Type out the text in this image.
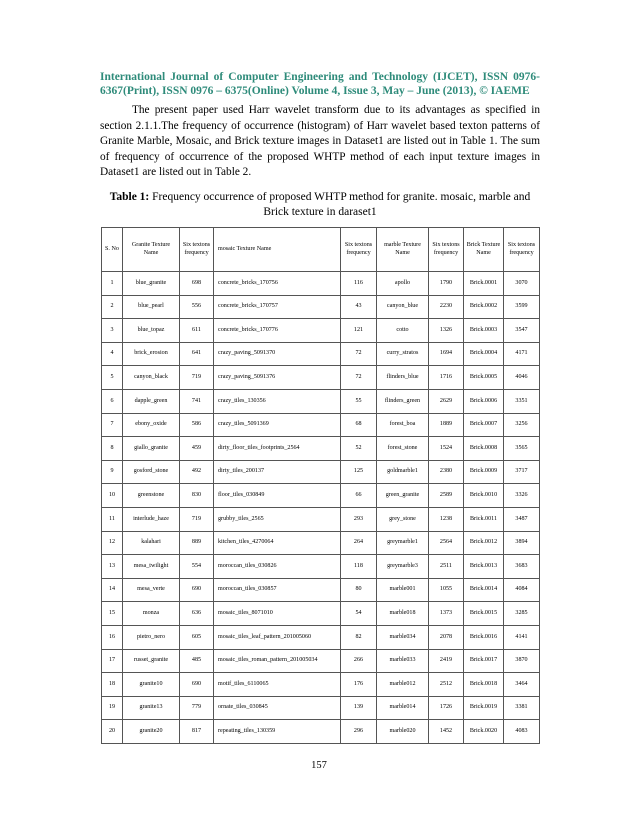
International Journal of Computer Engineering and Technology (IJCET), ISSN 0976-6367(Print), ISSN 0976 – 6375(Online) Volume 4, Issue 3, May – June (2013), © IAEME

The present paper used Harr wavelet transform due to its advantages as specified in section 2.1.1.The frequency of occurrence (histogram) of Harr wavelet based texton patterns of Granite Marble, Mosaic, and Brick texture images in Dataset1 are listed out in Table 1. The sum of frequency of occurrence of the proposed WHTP method of each input texture images in Dataset1 are listed out in Table 2.

Table 1: Frequency occurrence of proposed WHTP method for granite. mosaic, marble and Brick texture in daraset1
S. No	Granite Texture Name	Six textons frequency	mosaic Texture Name	Six textons frequency	marble Texture Name	Six textons frequency	Brick Texture Name	Six textons frequency
1	blue_granite	698	concrete_bricks_170756	116	apollo	1790	Brick.0001	3070
2	blue_pearl	556	concrete_bricks_170757	43	canyon_blue	2230	Brick.0002	3599
3	blue_topaz	611	concrete_bricks_170776	121	cotto	1326	Brick.0003	3547
4	brick_erosion	641	crazy_paving_5091370	72	curry_stratos	1694	Brick.0004	4171
5	canyon_black	719	crazy_paving_5091376	72	flinders_blue	1716	Brick.0005	4046
6	dapple_green	741	crazy_tiles_130356	55	flinders_green	2629	Brick.0006	3351
7	ebony_oxide	586	crazy_tiles_5091369	68	forest_boa	1889	Brick.0007	3256
8	giallo_granite	459	dirty_floor_tiles_footprints_2564	52	forest_stone	1524	Brick.0008	3565
9	gosford_stone	492	dirty_tiles_200137	125	goldmarble1	2380	Brick.0009	3717
10	greenstone	830	floor_tiles_030849	66	green_granite	2589	Brick.0010	3326
11	interlude_haze	719	grubby_tiles_2565	293	grey_stone	1238	Brick.0011	3487
12	kalahari	889	kitchen_tiles_4270064	264	greymarble1	2564	Brick.0012	3894
13	mesa_twilight	554	moroccan_tiles_030826	118	greymarble3	2511	Brick.0013	3683
14	mesa_verte	690	moroccan_tiles_030857	80	marble001	1055	Brick.0014	4084
15	monza	636	mosaic_tiles_8071010	54	marble018	1373	Brick.0015	3285
16	pietro_nero	605	mosaic_tiles_leaf_pattern_201005060	82	marble034	2078	Brick.0016	4141
17	russet_granite	485	mosaic_tiles_roman_pattern_201005034	266	marble033	2419	Brick.0017	3870
18	granite10	690	motif_tiles_6110065	176	marble012	2512	Brick.0018	3464
19	granite13	779	ornate_tiles_030845	139	marble014	1726	Brick.0019	3381
20	granite20	817	repeating_tiles_130359	296	marble020	1452	Brick.0020	4083
157
